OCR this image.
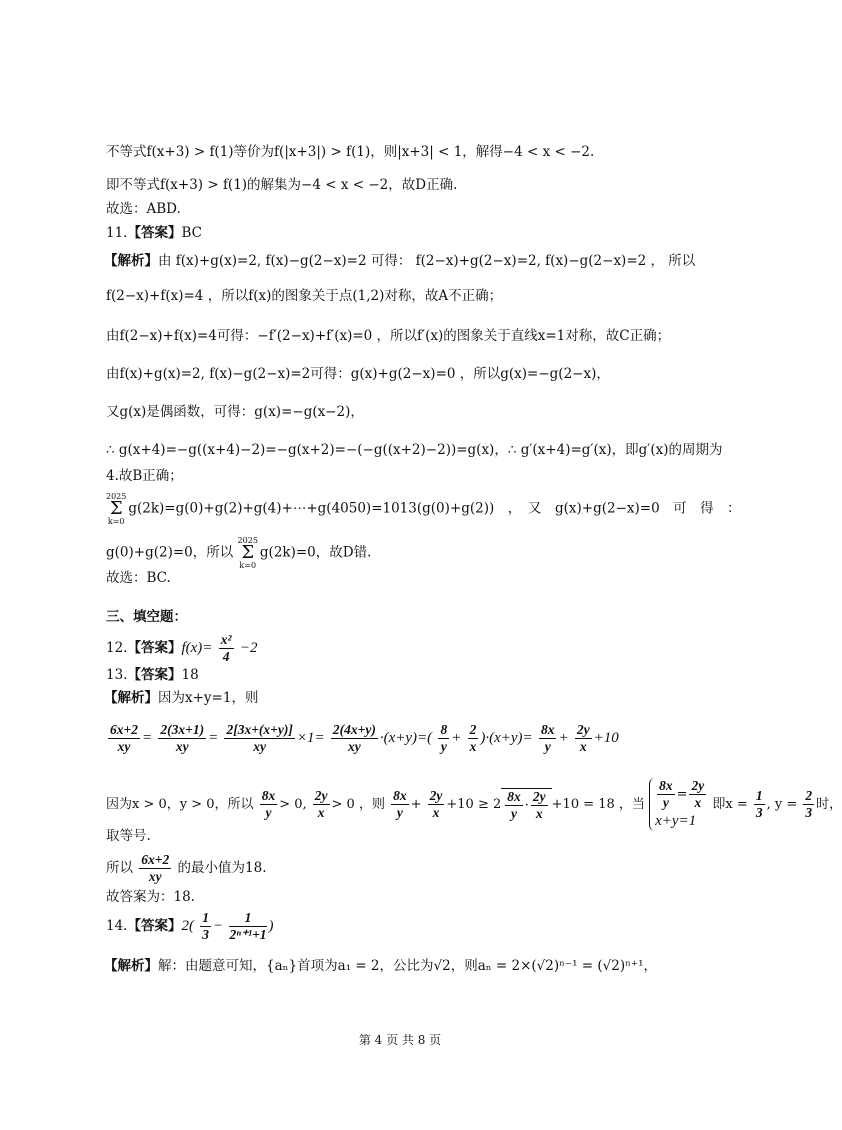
不等式f(x+3) > f(1)等价为f(|x+3|) > f(1)，则|x+3| < 1，解得−4 < x < −2.
即不等式f(x+3) > f(1)的解集为−4 < x < −2，故D正确.
故选：ABD.
11.【答案】BC
【解析】由 f(x)+g(x)=2, f(x)−g(2−x)=2 可得： f(2−x)+g(2−x)=2, f(x)−g(2−x)=2 ， 所以
f(2−x)+f(x)=4 ，所以f(x)的图象关于点(1,2)对称，故A不正确；
由f(2−x)+f(x)=4可得：−f′(2−x)+f′(x)=0 ，所以f′(x)的图象关于直线x=1对称，故C正确；
由f(x)+g(x)=2, f(x)−g(2−x)=2可得：g(x)+g(2−x)=0 ，所以g(x)=−g(2−x)，
又g(x)是偶函数，可得：g(x)=−g(x−2)，
∴ g(x+4)=−g((x+4)−2)=−g(x+2)=−(−g((x+2)−2))=g(x)，∴ g′(x+4)=g′(x)，即g′(x)的周期为
4.故B正确；
2025
Σ
k=0
g(2k)=g(0)+g(2)+g(4)+⋯+g(4050)=1013(g(0)+g(2))　，　又　g(x)+g(2−x)=0　可　得　：
g(0)+g(2)=0，所以
2025
Σ
k=0
g(2k)=0，故D错.
故选：BC.
三、填空题：
12.【答案】$f(x)= \frac{\text{x²}}{4} -2$
13.【答案】18
【解析】因为x+y=1，则
$\frac{6x+2}{xy} = \frac{2(3x+1)}{xy} = \frac{2[3x+(x+y)]}{xy} \times 1= \frac{2(4x+y)}{xy} \cdot(x+y)=( \frac{8}{y} + \frac{2}{x} )\cdot(x+y)= \frac{8x}{y} + \frac{2y}{x} +10$
因为x > 0，y > 0，所以 $\frac{8x}{y} > 0$, $\frac{2y}{x} > 0$ ，则 $\frac{8x}{y} + \frac{2y}{x} +10 \ge 2 \frac{8x}{y} \cdot \frac{2y}{x} +10 = 18$ ，当 $\frac{8x}{y} = \frac{2y}{x}$
x+y=1
即$x = \frac{1}{3}$ , $y = \frac{2}{3}$ 时，
取等号.
所以 $\frac{6x+2}{xy}$ 的最小值为18.
故答案为：18.
14.【答案】$2( \frac{1}{3} - \frac{1}{\text{2ⁿ⁺¹+1}}$ )
【解析】解：由题意可知，{aₙ}首项为a₁ = 2，公比为√2，则aₙ = 2×(√2)ⁿ⁻¹ = (√2)ⁿ⁺¹，
第 4 页 共 8 页
